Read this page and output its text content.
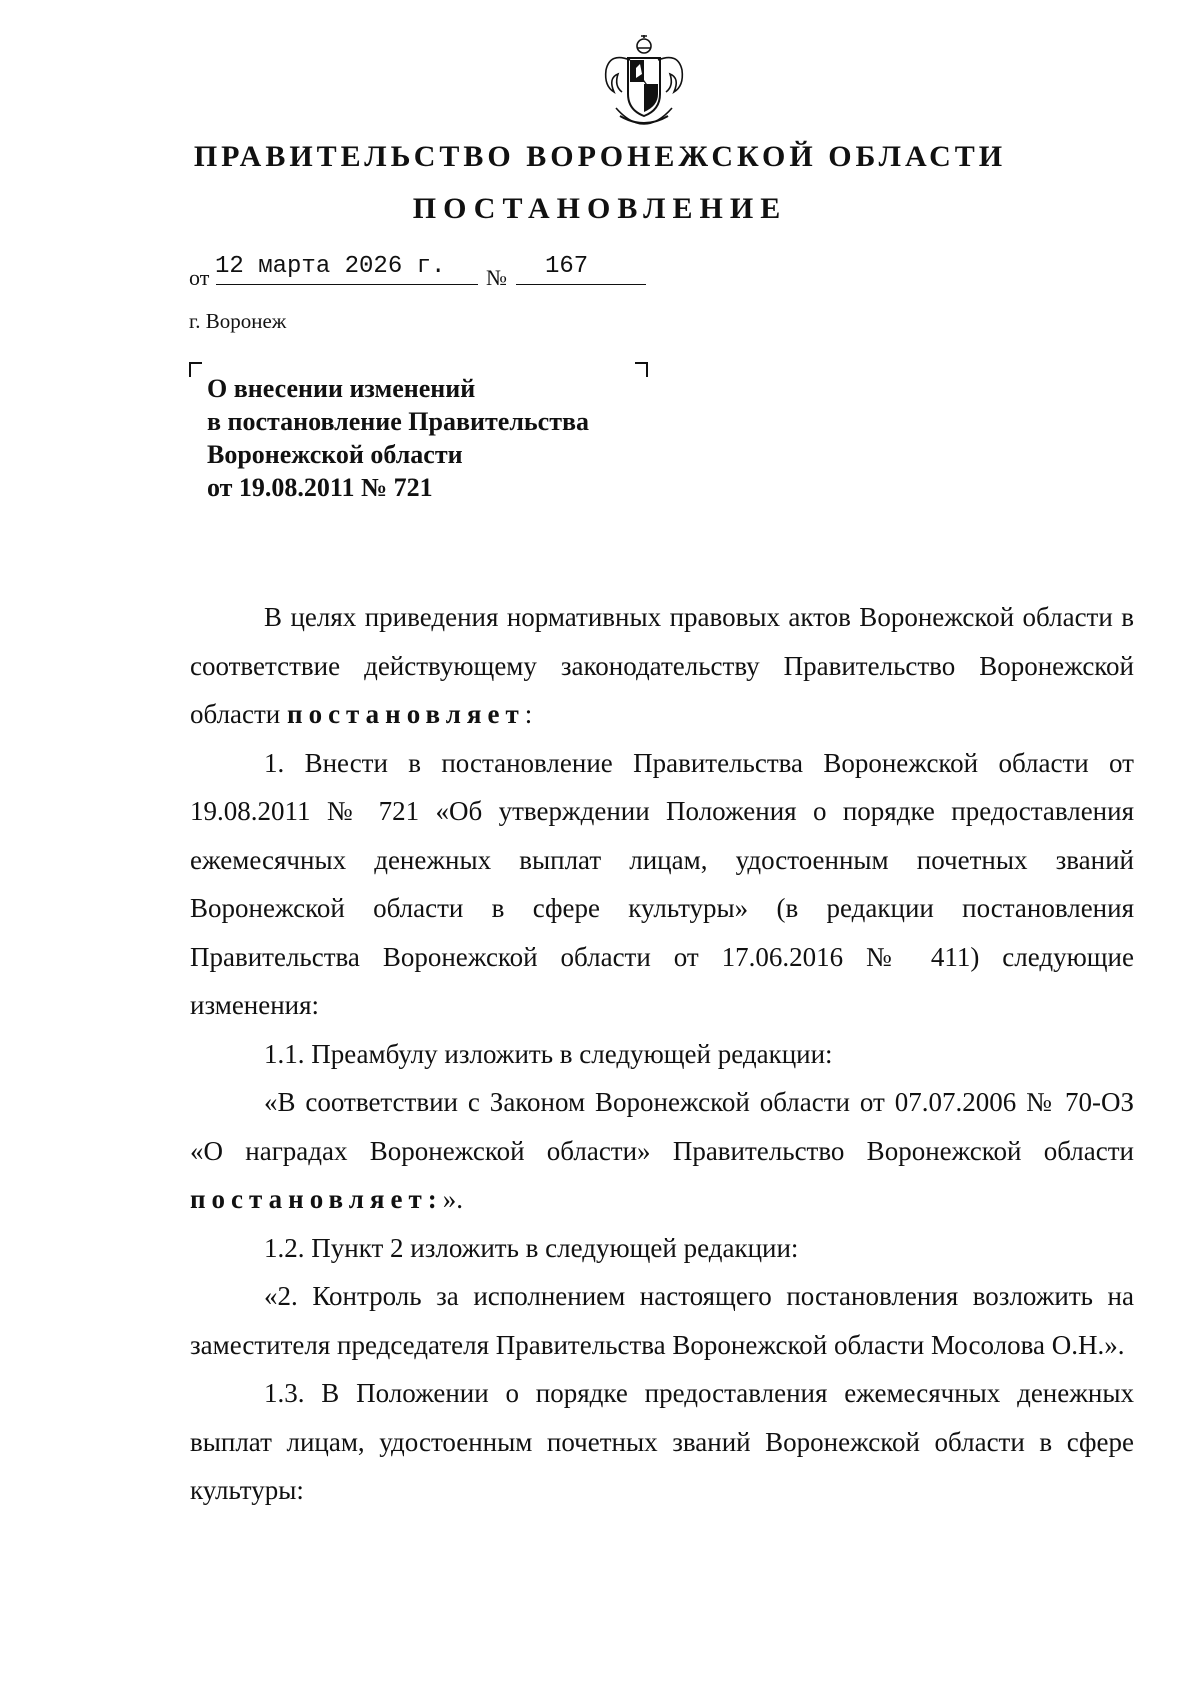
ПРАВИТЕЛЬСТВО ВОРОНЕЖСКОЙ ОБЛАСТИ
ПОСТАНОВЛЕНИЕ
от 12 марта 2026 г. № 167
г. Воронеж
О внесении изменений
в постановление Правительства
Воронежской области
от 19.08.2011 № 721

В целях приведения нормативных правовых актов Воронежской области в соответствие действующему законодательству Правительство Воронежской области постановляет:

1. Внести в постановление Правительства Воронежской области от 19.08.2011 № 721 «Об утверждении Положения о порядке предоставления ежемесячных денежных выплат лицам, удостоенным почетных званий Воронежской области в сфере культуры» (в редакции постановления Правительства Воронежской области от 17.06.2016 № 411) следующие изменения:

1.1. Преамбулу изложить в следующей редакции:

«В соответствии с Законом Воронежской области от 07.07.2006 № 70-ОЗ «О наградах Воронежской области» Правительство Воронежской области постановляет:».

1.2. Пункт 2 изложить в следующей редакции:

«2. Контроль за исполнением настоящего постановления возложить на заместителя председателя Правительства Воронежской области Мосолова О.Н.».

1.3. В Положении о порядке предоставления ежемесячных денежных выплат лицам, удостоенным почетных званий Воронежской области в сфере культуры:
